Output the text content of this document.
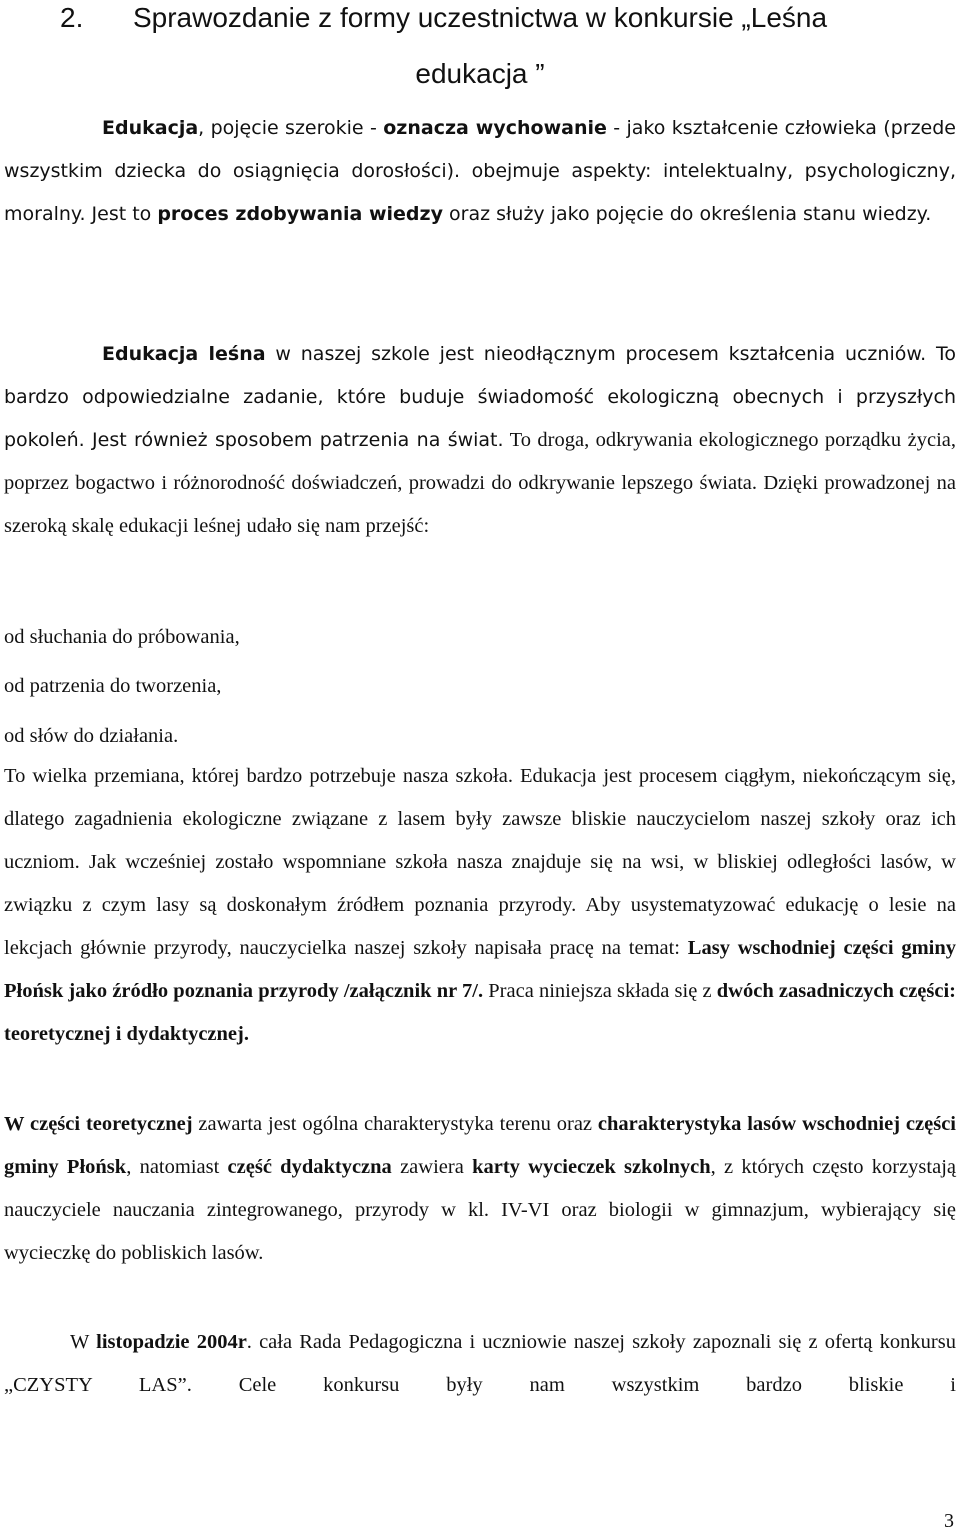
2. Sprawozdanie z formy uczestnictwa w konkursie „Leśna
edukacja ”

Edukacja, pojęcie szerokie - oznacza wychowanie - jako kształcenie człowieka (przede wszystkim dziecka do osiągnięcia dorosłości). obejmuje aspekty: intelektualny, psychologiczny, moralny. Jest to proces zdobywania wiedzy oraz służy jako pojęcie do określenia stanu wiedzy.

Edukacja leśna w naszej szkole jest nieodłącznym procesem kształcenia uczniów. To bardzo odpowiedzialne zadanie, które buduje świadomość ekologiczną obecnych i przyszłych pokoleń. Jest również sposobem patrzenia na świat. To droga, odkrywania ekologicznego porządku życia, poprzez bogactwo i różnorodność doświadczeń, prowadzi do odkrywanie lepszego świata. Dzięki prowadzonej na szeroką skalę edukacji leśnej udało się nam przejść:

od słuchania do próbowania,

od patrzenia do tworzenia,

od słów do działania.

To wielka przemiana, której bardzo potrzebuje nasza szkoła. Edukacja jest procesem ciągłym, niekończącym się, dlatego zagadnienia ekologiczne związane z lasem były zawsze bliskie nauczycielom naszej szkoły oraz ich uczniom. Jak wcześniej zostało wspomniane szkoła nasza znajduje się na wsi, w bliskiej odległości lasów, w związku z czym lasy są doskonałym źródłem poznania przyrody. Aby usystematyzować edukację o lesie na lekcjach głównie przyrody, nauczycielka naszej szkoły napisała pracę na temat: Lasy wschodniej części gminy Płońsk jako źródło poznania przyrody /załącznik nr 7/. Praca niniejsza składa się z dwóch zasadniczych części: teoretycznej i dydaktycznej.

W części teoretycznej zawarta jest ogólna charakterystyka terenu oraz charakterystyka lasów wschodniej części gminy Płońsk, natomiast część dydaktyczna zawiera karty wycieczek szkolnych, z których często korzystają nauczyciele nauczania zintegrowanego, przyrody w kl. IV-VI oraz biologii w gimnazjum, wybierający się wycieczkę do pobliskich lasów.

W listopadzie 2004r. cała Rada Pedagogiczna i uczniowie naszej szkoły zapoznali się z ofertą konkursu „CZYSTY LAS”. Cele konkursu były nam wszystkim bardzo bliskie i

3
